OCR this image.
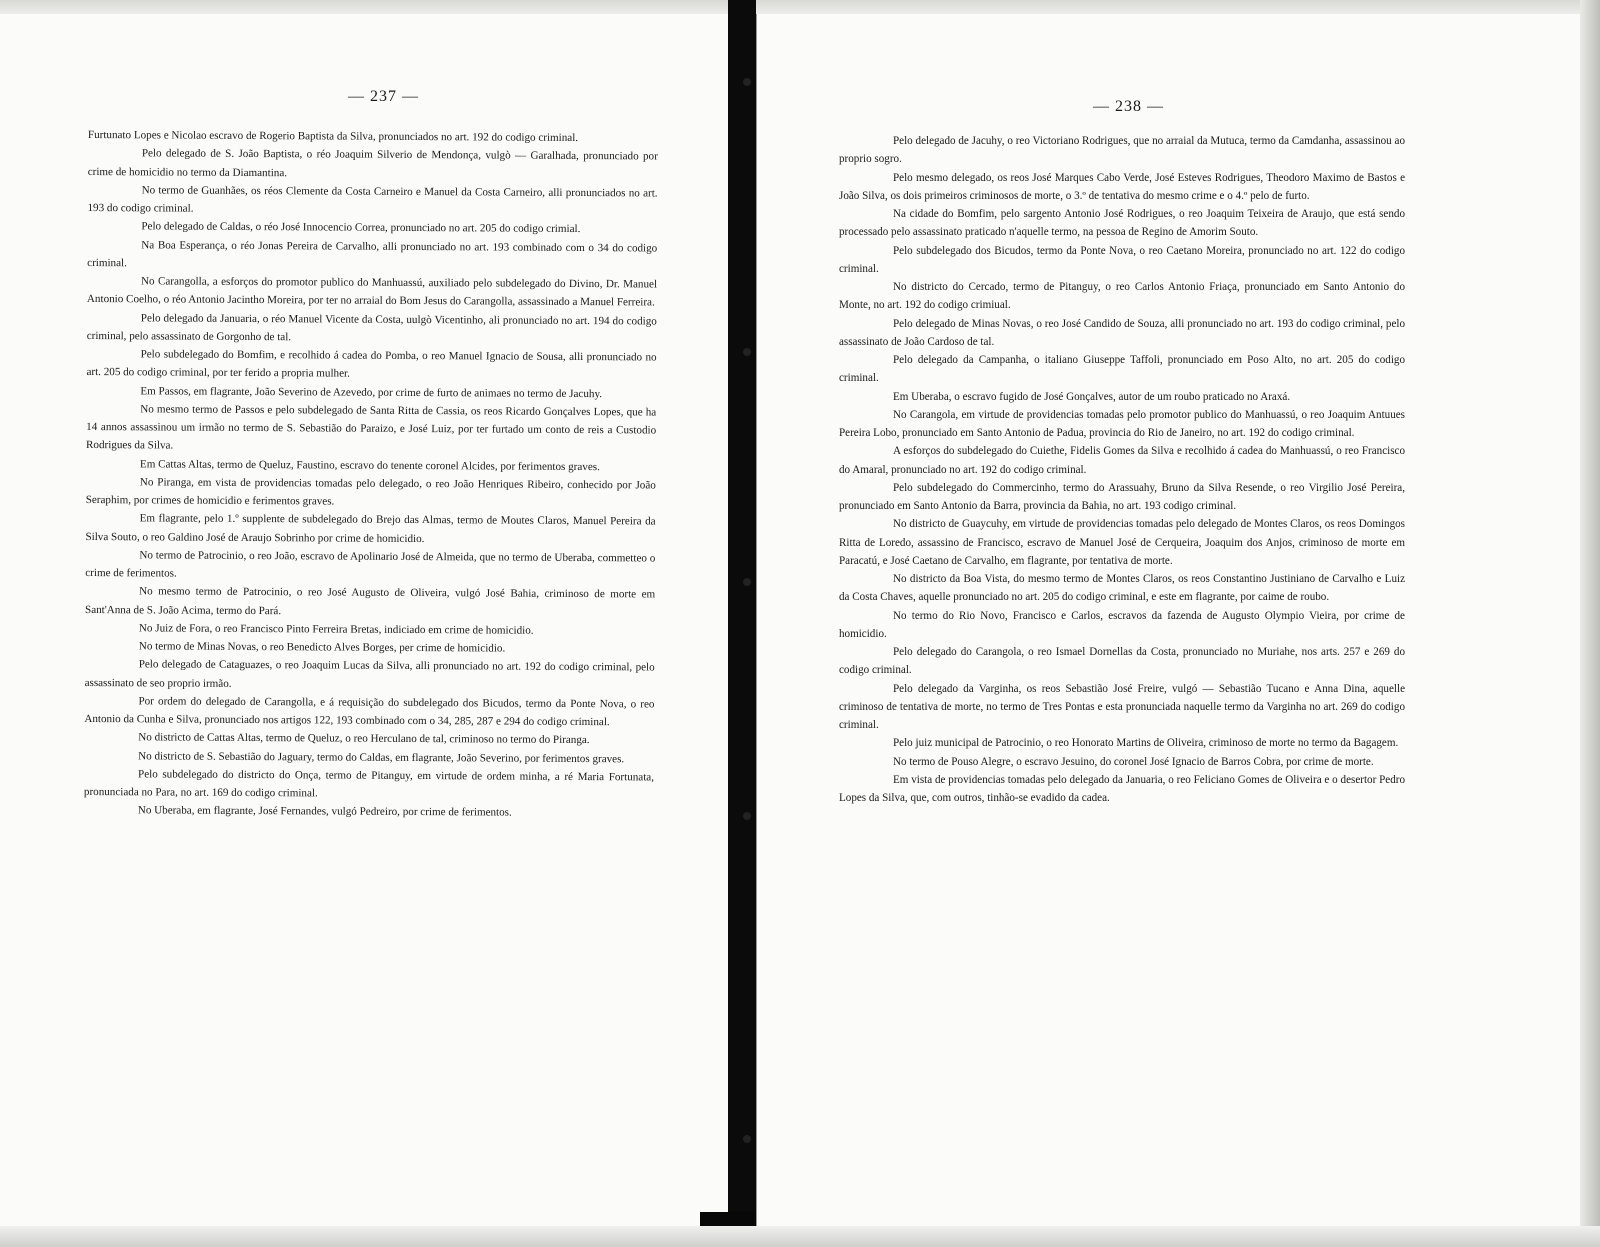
— 237 —

Furtunato Lopes e Nicolao escravo de Rogerio Baptista da Silva, pronunciados no art. 192 do codigo criminal.

Pelo delegado de S. João Baptista, o réo Joaquim Silverio de Mendonça, vulgò — Garalhada, pronunciado por crime de homicidio no termo da Diamantina.

No termo de Guanhães, os réos Clemente da Costa Carneiro e Manuel da Costa Carneiro, alli pronunciados no art. 193 do codigo criminal.

Pelo delegado de Caldas, o réo José Innocencio Correa, pronunciado no art. 205 do codigo crimial.

Na Boa Esperança, o réo Jonas Pereira de Carvalho, alli pronunciado no art. 193 combinado com o 34 do codigo criminal.

No Carangolla, a esforços do promotor publico do Manhuassú, auxiliado pelo subdelegado do Divino, Dr. Manuel Antonio Coelho, o réo Antonio Jacintho Moreira, por ter no arraial do Bom Jesus do Carangolla, assassinado a Manuel Ferreira.

Pelo delegado da Januaria, o réo Manuel Vicente da Costa, uulgò Vicentinho, ali pronunciado no art. 194 do codigo criminal, pelo assassinato de Gorgonho de tal.

Pelo subdelegado do Bomfim, e recolhido á cadea do Pomba, o reo Manuel Ignacio de Sousa, alli pronunciado no art. 205 do codigo criminal, por ter ferido a propria mulher.

Em Passos, em flagrante, João Severino de Azevedo, por crime de furto de animaes no termo de Jacuhy.

No mesmo termo de Passos e pelo subdelegado de Santa Ritta de Cassia, os reos Ricardo Gonçalves Lopes, que ha 14 annos assassinou um irmão no termo de S. Sebastião do Paraizo, e José Luiz, por ter furtado um conto de reis a Custodio Rodrigues da Silva.

Em Cattas Altas, termo de Queluz, Faustino, escravo do tenente coronel Alcides, por ferimentos graves.

No Piranga, em vista de providencias tomadas pelo delegado, o reo João Henriques Ribeiro, conhecido por João Seraphim, por crimes de homicidio e ferimentos graves.

Em flagrante, pelo 1.º supplente de subdelegado do Brejo das Almas, termo de Moutes Claros, Manuel Pereira da Silva Souto, o reo Galdino José de Araujo Sobrinho por crime de homicidio.

No termo de Patrocinio, o reo João, escravo de Apolinario José de Almeida, que no termo de Uberaba, commetteo o crime de ferimentos.

No mesmo termo de Patrocinio, o reo José Augusto de Oliveira, vulgó José Bahia, criminoso de morte em Sant'Anna de S. João Acima, termo do Pará.

No Juiz de Fora, o reo Francisco Pinto Ferreira Bretas, indiciado em crime de homicidio.

No termo de Minas Novas, o reo Benedicto Alves Borges, per crime de homicidio.

Pelo delegado de Cataguazes, o reo Joaquim Lucas da Silva, alli pronunciado no art. 192 do codigo criminal, pelo assassinato de seo proprio irmão.

Por ordem do delegado de Carangolla, e á requisição do subdelegado dos Bicudos, termo da Ponte Nova, o reo Antonio da Cunha e Silva, pronunciado nos artigos 122, 193 combinado com o 34, 285, 287 e 294 do codigo criminal.

No districto de Cattas Altas, termo de Queluz, o reo Herculano de tal, criminoso no termo do Piranga.

No districto de S. Sebastião do Jaguary, termo do Caldas, em flagrante, João Severino, por ferimentos graves.

Pelo subdelegado do districto do Onça, termo de Pitanguy, em virtude de ordem minha, a ré Maria Fortunata, pronunciada no Para, no art. 169 do codigo criminal.

No Uberaba, em flagrante, José Fernandes, vulgó Pedreiro, por crime de ferimentos.

— 238 —

Pelo delegado de Jacuhy, o reo Victoriano Rodrigues, que no arraial da Mutuca, termo da Camdanha, assassinou ao proprio sogro.

Pelo mesmo delegado, os reos José Marques Cabo Verde, José Esteves Rodrigues, Theodoro Maximo de Bastos e João Silva, os dois primeiros criminosos de morte, o 3.º de tentativa do mesmo crime e o 4.º pelo de furto.

Na cidade do Bomfim, pelo sargento Antonio José Rodrigues, o reo Joaquim Teixeira de Araujo, que está sendo processado pelo assassinato praticado n'aquelle termo, na pessoa de Regino de Amorim Souto.

Pelo subdelegado dos Bicudos, termo da Ponte Nova, o reo Caetano Moreira, pronunciado no art. 122 do codigo criminal.

No districto do Cercado, termo de Pitanguy, o reo Carlos Antonio Friaça, pronunciado em Santo Antonio do Monte, no art. 192 do codigo crimiual.

Pelo delegado de Minas Novas, o reo José Candido de Souza, alli pronunciado no art. 193 do codigo criminal, pelo assassinato de João Cardoso de tal.

Pelo delegado da Campanha, o italiano Giuseppe Taffoli, pronunciado em Poso Alto, no art. 205 do codigo criminal.

Em Uberaba, o escravo fugido de José Gonçalves, autor de um roubo praticado no Araxá.

No Carangola, em virtude de providencias tomadas pelo promotor publico do Manhuassú, o reo Joaquim Antuues Pereira Lobo, pronunciado em Santo Antonio de Padua, provincia do Rio de Janeiro, no art. 192 do codigo criminal.

A esforços do subdelegado do Cuiethe, Fidelis Gomes da Silva e recolhido á cadea do Manhuassú, o reo Francisco do Amaral, pronunciado no art. 192 do codigo criminal.

Pelo subdelegado do Commercinho, termo do Arassuahy, Bruno da Silva Resende, o reo Virgilio José Pereira, pronunciado em Santo Antonio da Barra, provincia da Bahia, no art. 193 codigo criminal.

No districto de Guaycuhy, em virtude de providencias tomadas pelo delegado de Montes Claros, os reos Domingos Ritta de Loredo, assassino de Francisco, escravo de Manuel José de Cerqueira, Joaquim dos Anjos, criminoso de morte em Paracatú, e José Caetano de Carvalho, em flagrante, por tentativa de morte.

No districto da Boa Vista, do mesmo termo de Montes Claros, os reos Constantino Justiniano de Carvalho e Luiz da Costa Chaves, aquelle pronunciado no art. 205 do codigo criminal, e este em flagrante, por caime de roubo.

No termo do Rio Novo, Francisco e Carlos, escravos da fazenda de Augusto Olympio Vieira, por crime de homicidio.

Pelo delegado do Carangola, o reo Ismael Dornellas da Costa, pronunciado no Muriahe, nos arts. 257 e 269 do codigo criminal.

Pelo delegado da Varginha, os reos Sebastião José Freire, vulgó — Sebastião Tucano e Anna Dina, aquelle criminoso de tentativa de morte, no termo de Tres Pontas e esta pronunciada naquelle termo da Varginha no art. 269 do codigo criminal.

Pelo juiz municipal de Patrocinio, o reo Honorato Martins de Oliveira, criminoso de morte no termo da Bagagem.

No termo de Pouso Alegre, o escravo Jesuino, do coronel José Ignacio de Barros Cobra, por crime de morte.

Em vista de providencias tomadas pelo delegado da Januaria, o reo Feliciano Gomes de Oliveira e o desertor Pedro Lopes da Silva, que, com outros, tinhão-se evadido da cadea.
